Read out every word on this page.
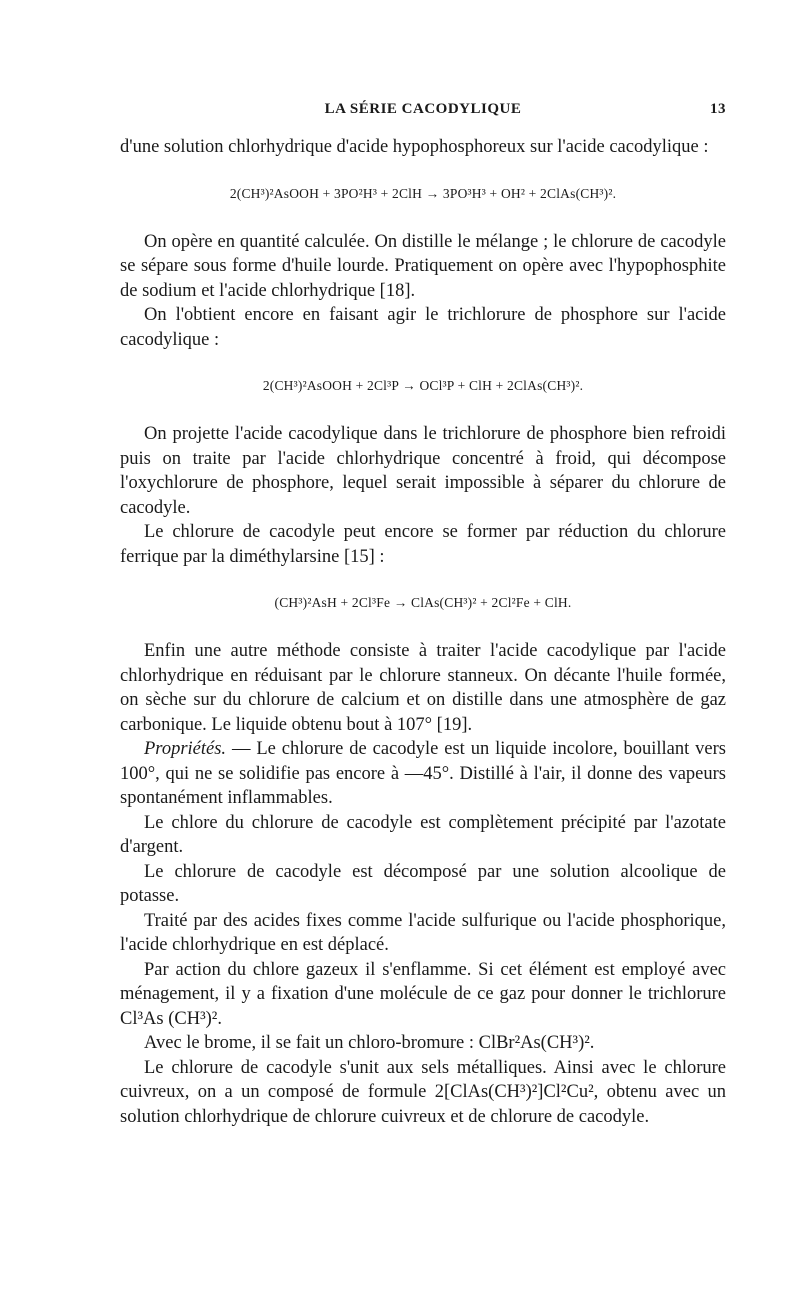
LA SÉRIE CACODYLIQUE	13

d'une solution chlorhydrique d'acide hypophosphoreux sur l'acide cacodylique :

2(CH³)²AsOOH + 3PO²H³ + 2ClH → 3PO³H³ + OH² + 2ClAs(CH³)².

On opère en quantité calculée. On distille le mélange ; le chlorure de cacodyle se sépare sous forme d'huile lourde. Pratiquement on opère avec l'hypophosphite de sodium et l'acide chlorhydrique [18].

On l'obtient encore en faisant agir le trichlorure de phosphore sur l'acide cacodylique :

2(CH³)²AsOOH + 2Cl³P → OCl³P + ClH + 2ClAs(CH³)².

On projette l'acide cacodylique dans le trichlorure de phosphore bien refroidi puis on traite par l'acide chlorhydrique concentré à froid, qui décompose l'oxychlorure de phosphore, lequel serait impossible à séparer du chlorure de cacodyle.

Le chlorure de cacodyle peut encore se former par réduction du chlorure ferrique par la diméthylarsine [15] :

(CH³)²AsH + 2Cl³Fe → ClAs(CH³)² + 2Cl²Fe + ClH.

Enfin une autre méthode consiste à traiter l'acide cacodylique par l'acide chlorhydrique en réduisant par le chlorure stanneux. On décante l'huile formée, on sèche sur du chlorure de calcium et on distille dans une atmosphère de gaz carbonique. Le liquide obtenu bout à 107° [19].

Propriétés. — Le chlorure de cacodyle est un liquide incolore, bouillant vers 100°, qui ne se solidifie pas encore à —45°. Distillé à l'air, il donne des vapeurs spontanément inflammables.

Le chlore du chlorure de cacodyle est complètement précipité par l'azotate d'argent.

Le chlorure de cacodyle est décomposé par une solution alcoolique de potasse.

Traité par des acides fixes comme l'acide sulfurique ou l'acide phosphorique, l'acide chlorhydrique en est déplacé.

Par action du chlore gazeux il s'enflamme. Si cet élément est employé avec ménagement, il y a fixation d'une molécule de ce gaz pour donner le trichlorure Cl³As (CH³)².

Avec le brome, il se fait un chloro-bromure : ClBr²As(CH³)².

Le chlorure de cacodyle s'unit aux sels métalliques. Ainsi avec le chlorure cuivreux, on a un composé de formule 2[ClAs(CH³)²]Cl²Cu², obtenu avec un solution chlorhydrique de chlorure cuivreux et de chlorure de cacodyle.
